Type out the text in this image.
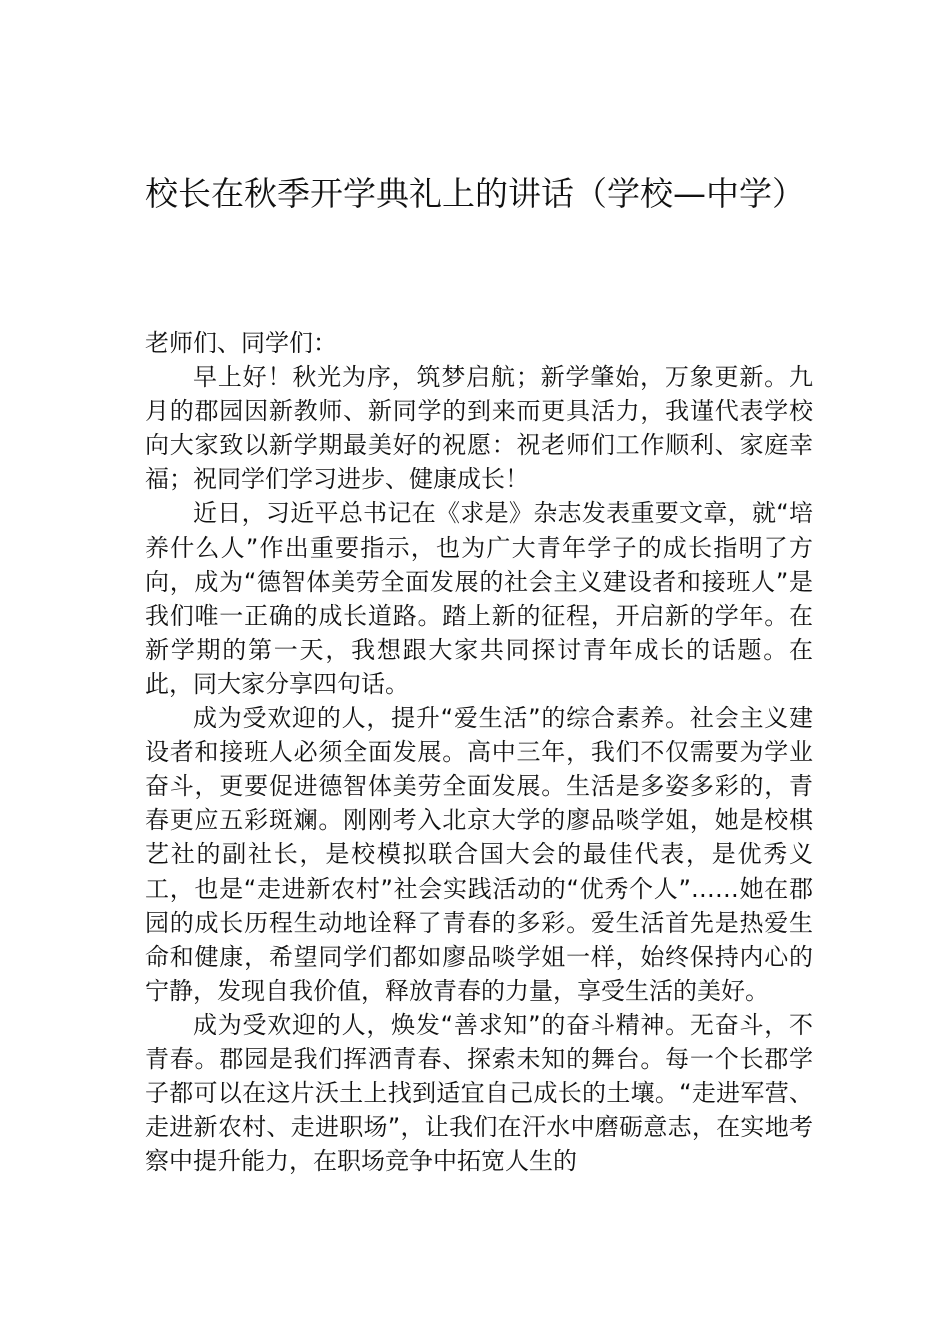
校长在秋季开学典礼上的讲话（学校—中学）

老师们、同学们：

早上好！秋光为序，筑梦启航；新学肇始，万象更新。九月的郡园因新教师、新同学的到来而更具活力，我谨代表学校向大家致以新学期最美好的祝愿：祝老师们工作顺利、家庭幸福；祝同学们学习进步、健康成长！

近日，习近平总书记在《求是》杂志发表重要文章，就“培养什么人”作出重要指示，也为广大青年学子的成长指明了方向，成为“德智体美劳全面发展的社会主义建设者和接班人”是我们唯一正确的成长道路。踏上新的征程，开启新的学年。在新学期的第一天，我想跟大家共同探讨青年成长的话题。在此，同大家分享四句话。

成为受欢迎的人，提升“爱生活”的综合素养。社会主义建设者和接班人必须全面发展。高中三年，我们不仅需要为学业奋斗，更要促进德智体美劳全面发展。生活是多姿多彩的，青春更应五彩斑斓。刚刚考入北京大学的廖品啖学姐，她是校棋艺社的副社长，是校模拟联合国大会的最佳代表，是优秀义工，也是“走进新农村”社会实践活动的“优秀个人”……她在郡园的成长历程生动地诠释了青春的多彩。爱生活首先是热爱生命和健康，希望同学们都如廖品啖学姐一样，始终保持内心的宁静，发现自我价值，释放青春的力量，享受生活的美好。

成为受欢迎的人，焕发“善求知”的奋斗精神。无奋斗，不青春。郡园是我们挥洒青春、探索未知的舞台。每一个长郡学子都可以在这片沃土上找到适宜自己成长的土壤。“走进军营、走进新农村、走进职场”，让我们在汗水中磨砺意志，在实地考察中提升能力，在职场竞争中拓宽人生的
